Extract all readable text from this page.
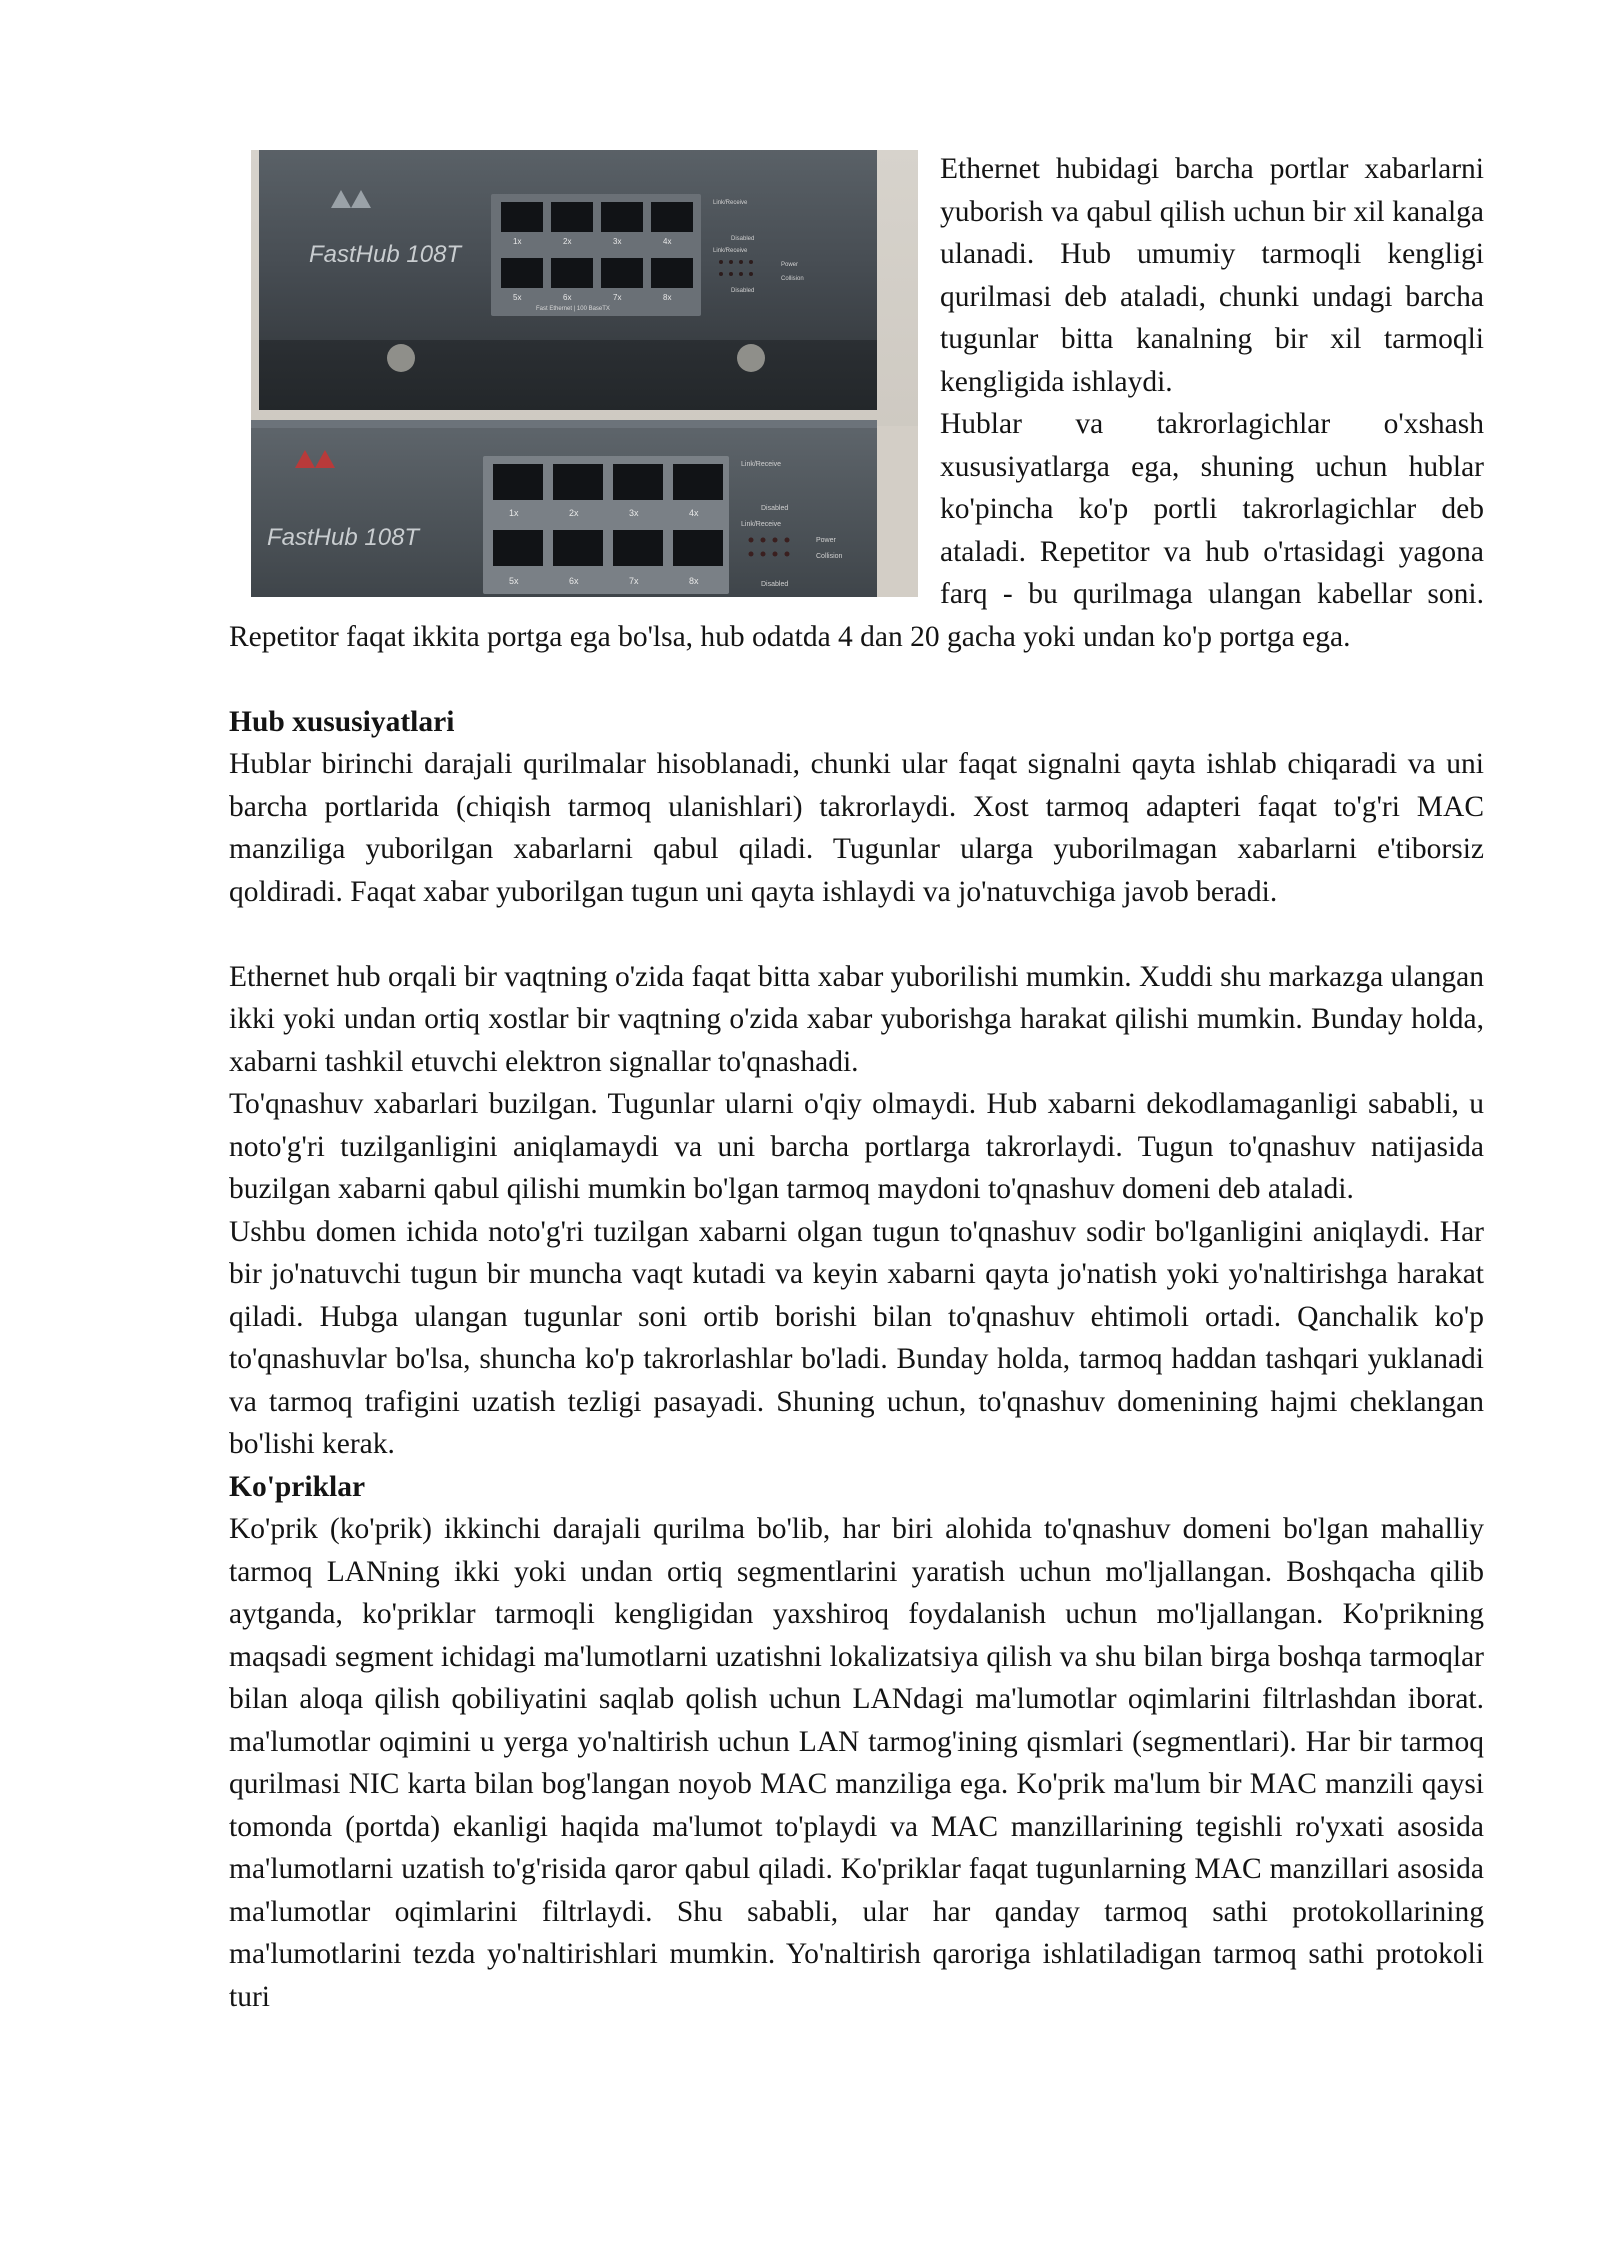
FastHub 108T	1x	2x	3x	4x
5x	6x	7x	8x
Fast Ethernet | 100 BaseTX
Link/Receive
Disabled
Link/Receive
Power
Collision
Disabled
FastHub 108T
1x	2x	3x	4x
5x	6x	7x	8x
Link/Receive
Disabled
Link/Receive
Power
Collision
Disabled

Ethernet hubidagi barcha portlar xabarlarni yuborish va qabul qilish uchun bir xil kanalga ulanadi. Hub umumiy tarmoqli kengligi qurilmasi deb ataladi, chunki undagi barcha tugunlar bitta kanalning bir xil tarmoqli kengligida ishlaydi.

Hublar va takrorlagichlar o'xshash xususiyatlarga ega, shuning uchun hublar ko'pincha ko'p portli takrorlagichlar deb ataladi. Repetitor va hub o'rtasidagi yagona farq - bu qurilmaga ulangan kabellar soni. Repetitor faqat ikkita portga ega bo'lsa, hub odatda 4 dan 20 gacha yoki undan ko'p portga ega.

Hub xususiyatlari

Hublar birinchi darajali qurilmalar hisoblanadi, chunki ular faqat signalni qayta ishlab chiqaradi va uni barcha portlarida (chiqish tarmoq ulanishlari) takrorlaydi. Xost tarmoq adapteri faqat to'g'ri MAC manziliga yuborilgan xabarlarni qabul qiladi. Tugunlar ularga yuborilmagan xabarlarni e'tiborsiz qoldiradi. Faqat xabar yuborilgan tugun uni qayta ishlaydi va jo'natuvchiga javob beradi.

Ethernet hub orqali bir vaqtning o'zida faqat bitta xabar yuborilishi mumkin. Xuddi shu markazga ulangan ikki yoki undan ortiq xostlar bir vaqtning o'zida xabar yuborishga harakat qilishi mumkin. Bunday holda, xabarni tashkil etuvchi elektron signallar to'qnashadi.

To'qnashuv xabarlari buzilgan. Tugunlar ularni o'qiy olmaydi. Hub xabarni dekodlamaganligi sababli, u noto'g'ri tuzilganligini aniqlamaydi va uni barcha portlarga takrorlaydi. Tugun to'qnashuv natijasida buzilgan xabarni qabul qilishi mumkin bo'lgan tarmoq maydoni to'qnashuv domeni deb ataladi.

Ushbu domen ichida noto'g'ri tuzilgan xabarni olgan tugun to'qnashuv sodir bo'lganligini aniqlaydi. Har bir jo'natuvchi tugun bir muncha vaqt kutadi va keyin xabarni qayta jo'natish yoki yo'naltirishga harakat qiladi. Hubga ulangan tugunlar soni ortib borishi bilan to'qnashuv ehtimoli ortadi. Qanchalik ko'p to'qnashuvlar bo'lsa, shuncha ko'p takrorlashlar bo'ladi. Bunday holda, tarmoq haddan tashqari yuklanadi va tarmoq trafigini uzatish tezligi pasayadi. Shuning uchun, to'qnashuv domenining hajmi cheklangan bo'lishi kerak.

Ko'priklar

Ko'prik (ko'prik) ikkinchi darajali qurilma bo'lib, har biri alohida to'qnashuv domeni bo'lgan mahalliy tarmoq LANning ikki yoki undan ortiq segmentlarini yaratish uchun mo'ljallangan. Boshqacha qilib aytganda, ko'priklar tarmoqli kengligidan yaxshiroq foydalanish uchun mo'ljallangan. Ko'prikning maqsadi segment ichidagi ma'lumotlarni uzatishni lokalizatsiya qilish va shu bilan birga boshqa tarmoqlar bilan aloqa qilish qobiliyatini saqlab qolish uchun LANdagi ma'lumotlar oqimlarini filtrlashdan iborat. ma'lumotlar oqimini u yerga yo'naltirish uchun LAN tarmog'ining qismlari (segmentlari). Har bir tarmoq qurilmasi NIC karta bilan bog'langan noyob MAC manziliga ega. Ko'prik ma'lum bir MAC manzili qaysi tomonda (portda) ekanligi haqida ma'lumot to'playdi va MAC manzillarining tegishli ro'yxati asosida ma'lumotlarni uzatish to'g'risida qaror qabul qiladi. Ko'priklar faqat tugunlarning MAC manzillari asosida ma'lumotlar oqimlarini filtrlaydi. Shu sababli, ular har qanday tarmoq sathi protokollarining ma'lumotlarini tezda yo'naltirishlari mumkin. Yo'naltirish qaroriga ishlatiladigan tarmoq sathi protokoli turi
